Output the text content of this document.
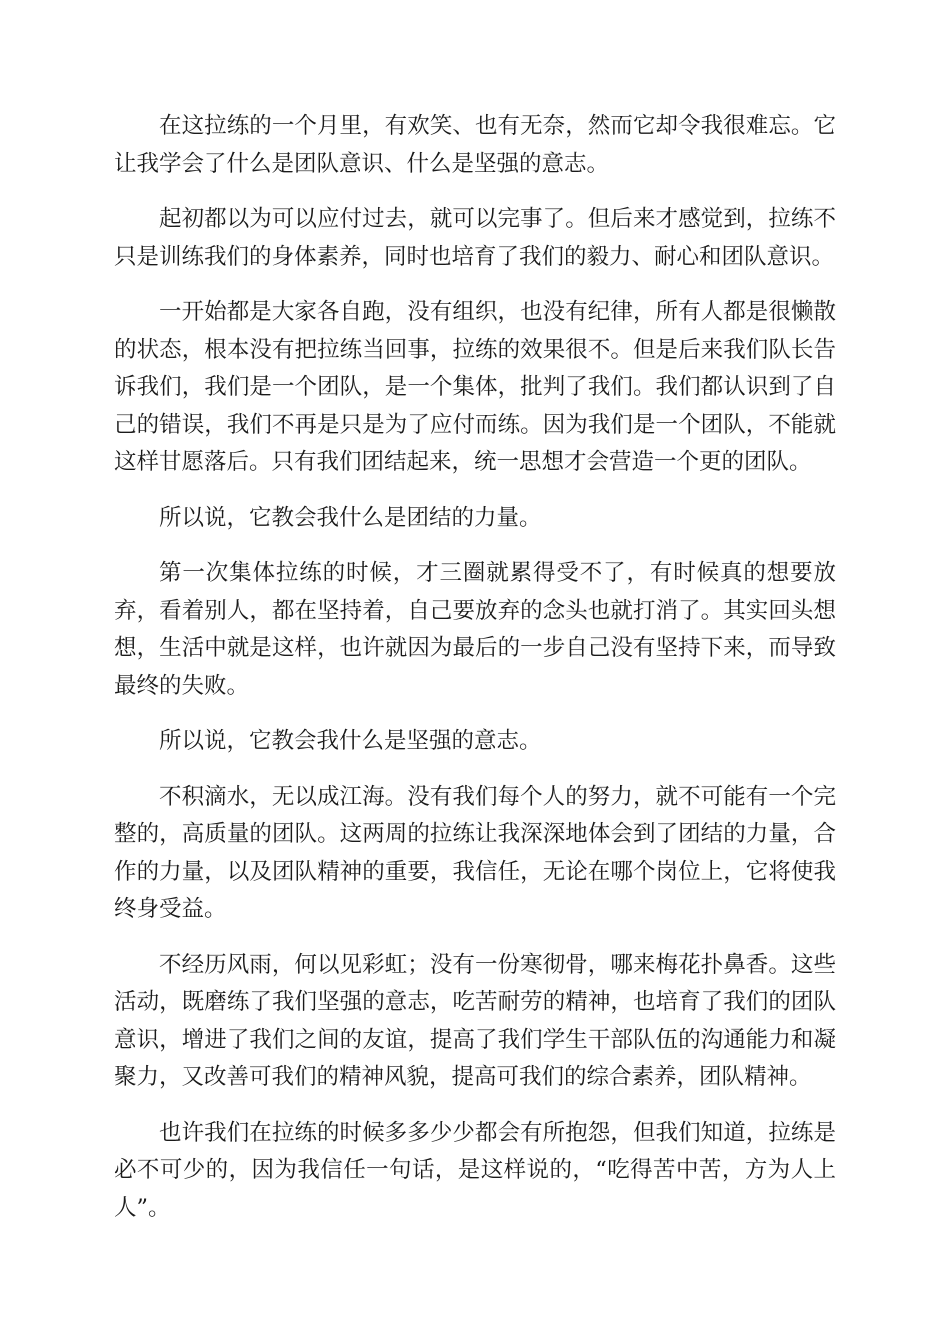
在这拉练的一个月里，有欢笑、也有无奈，然而它却令我很难忘。它让我学会了什么是团队意识、什么是坚强的意志。

起初都以为可以应付过去，就可以完事了。但后来才感觉到，拉练不只是训练我们的身体素养，同时也培育了我们的毅力、耐心和团队意识。

一开始都是大家各自跑，没有组织，也没有纪律，所有人都是很懒散的状态，根本没有把拉练当回事，拉练的效果很不。但是后来我们队长告诉我们，我们是一个团队，是一个集体，批判了我们。我们都认识到了自己的错误，我们不再是只是为了应付而练。因为我们是一个团队，不能就这样甘愿落后。只有我们团结起来，统一思想才会营造一个更的团队。

所以说，它教会我什么是团结的力量。

第一次集体拉练的时候，才三圈就累得受不了，有时候真的想要放弃，看着别人，都在坚持着，自己要放弃的念头也就打消了。其实回头想想，生活中就是这样，也许就因为最后的一步自己没有坚持下来，而导致最终的失败。

所以说，它教会我什么是坚强的意志。

不积滴水，无以成江海。没有我们每个人的努力，就不可能有一个完整的，高质量的团队。这两周的拉练让我深深地体会到了团结的力量，合作的力量，以及团队精神的重要，我信任，无论在哪个岗位上，它将使我终身受益。

不经历风雨，何以见彩虹；没有一份寒彻骨，哪来梅花扑鼻香。这些活动，既磨练了我们坚强的意志，吃苦耐劳的精神，也培育了我们的团队意识，增进了我们之间的友谊，提高了我们学生干部队伍的沟通能力和凝聚力，又改善可我们的精神风貌，提高可我们的综合素养，团队精神。

也许我们在拉练的时候多多少少都会有所抱怨，但我们知道，拉练是必不可少的，因为我信任一句话，是这样说的，“吃得苦中苦，方为人上人”。
